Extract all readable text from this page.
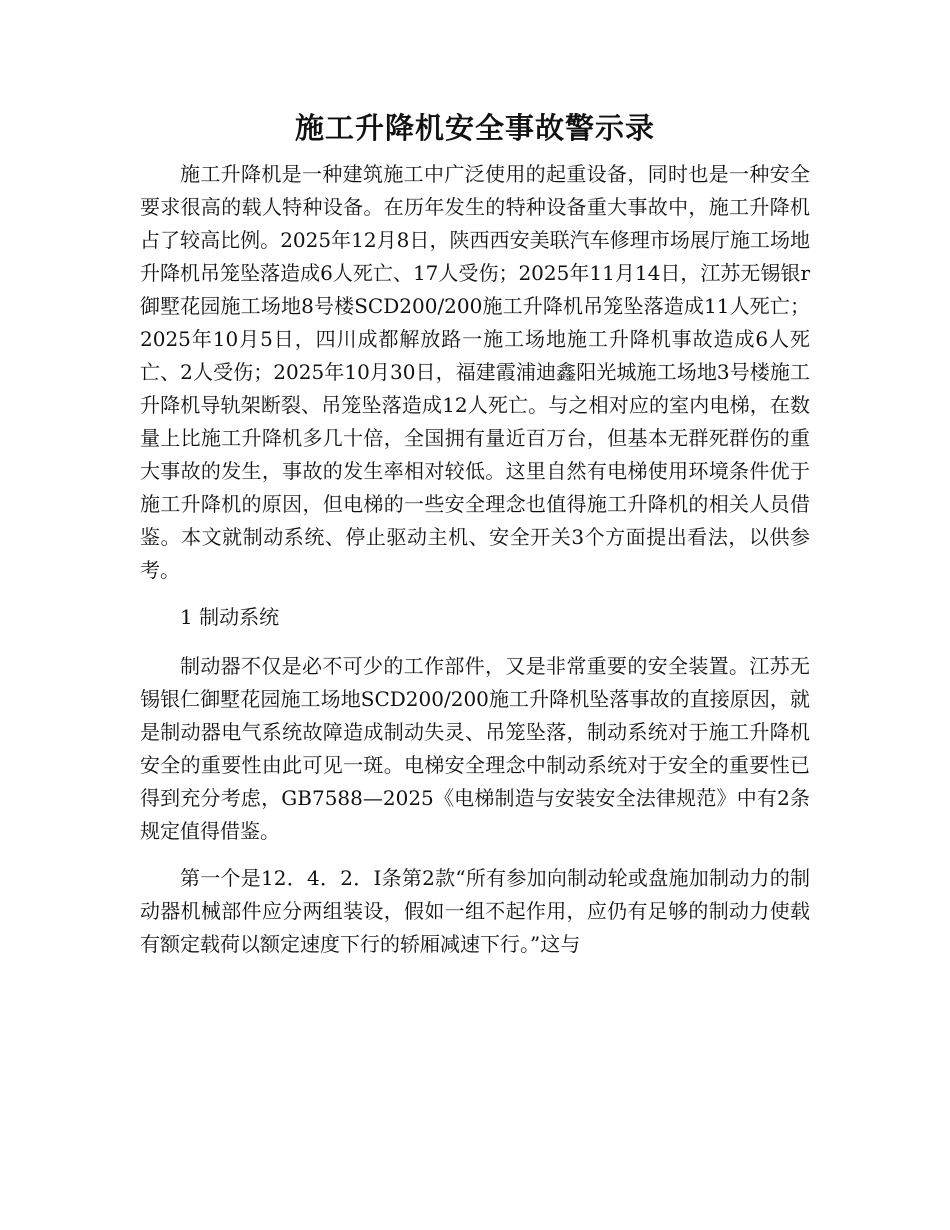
施工升降机安全事故警示录

施工升降机是一种建筑施工中广泛使用的起重设备，同时也是一种安全要求很高的载人特种设备。在历年发生的特种设备重大事故中，施工升降机占了较高比例。2025年12月8日，陕西西安美联汽车修理市场展厅施工场地升降机吊笼坠落造成6人死亡、17人受伤；2025年11月14日，江苏无锡银r御墅花园施工场地8号楼SCD200/200施工升降机吊笼坠落造成11人死亡；2025年10月5日，四川成都解放路一施工场地施工升降机事故造成6人死亡、2人受伤；2025年10月30日，福建霞浦迪鑫阳光城施工场地3号楼施工升降机导轨架断裂、吊笼坠落造成12人死亡。与之相对应的室内电梯，在数量上比施工升降机多几十倍，全国拥有量近百万台，但基本无群死群伤的重大事故的发生，事故的发生率相对较低。这里自然有电梯使用环境条件优于施工升降机的原因，但电梯的一些安全理念也值得施工升降机的相关人员借鉴。本文就制动系统、停止驱动主机、安全开关3个方面提出看法，以供参考。

1 制动系统

制动器不仅是必不可少的工作部件，又是非常重要的安全装置。江苏无锡银仁御墅花园施工场地SCD200/200施工升降机坠落事故的直接原因，就是制动器电气系统故障造成制动失灵、吊笼坠落，制动系统对于施工升降机安全的重要性由此可见一斑。电梯安全理念中制动系统对于安全的重要性已得到充分考虑，GB7588—2025《电梯制造与安装安全法律规范》中有2条规定值得借鉴。

第一个是12．4．2．I条第2款“所有参加向制动轮或盘施加制动力的制动器机械部件应分两组装设，假如一组不起作用，应仍有足够的制动力使载有额定载荷以额定速度下行的轿厢减速下行。”这与
